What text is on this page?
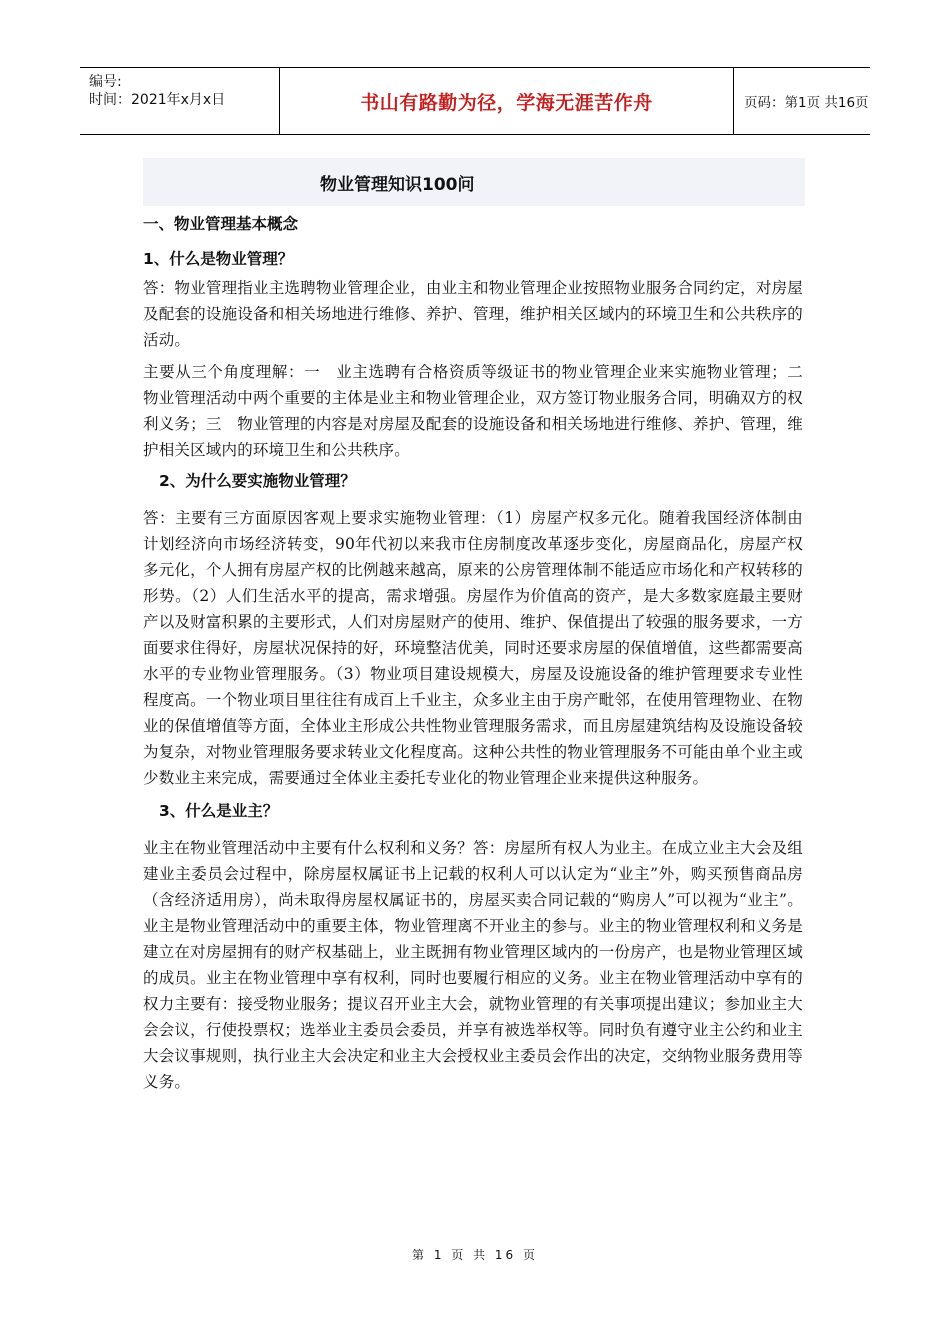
编号:
时间：2021年x月x日	书山有路勤为径，学海无涯苦作舟	页码：第1页 共16页
物业管理知识100问

一、物业管理基本概念

1、什么是物业管理？

答：物业管理指业主选聘物业管理企业，由业主和物业管理企业按照物业服务合同约定，对房屋及配套的设施设备和相关场地进行维修、养护、管理，维护相关区域内的环境卫生和公共秩序的活动。

主要从三个角度理解：一　业主选聘有合格资质等级证书的物业管理企业来实施物业管理；二　物业管理活动中两个重要的主体是业主和物业管理企业，双方签订物业服务合同，明确双方的权利义务；三　物业管理的内容是对房屋及配套的设施设备和相关场地进行维修、养护、管理，维护相关区域内的环境卫生和公共秩序。

2、为什么要实施物业管理？

答：主要有三方面原因客观上要求实施物业管理：（1）房屋产权多元化。随着我国经济体制由计划经济向市场经济转变，90年代初以来我市住房制度改革逐步变化，房屋商品化，房屋产权多元化，个人拥有房屋产权的比例越来越高，原来的公房管理体制不能适应市场化和产权转移的形势。（2）人们生活水平的提高，需求增强。房屋作为价值高的资产，是大多数家庭最主要财产以及财富积累的主要形式，人们对房屋财产的使用、维护、保值提出了较强的服务要求，一方面要求住得好，房屋状况保持的好，环境整洁优美，同时还要求房屋的保值增值，这些都需要高水平的专业物业管理服务。（3）物业项目建设规模大，房屋及设施设备的维护管理要求专业性程度高。一个物业项目里往往有成百上千业主，众多业主由于房产毗邻，在使用管理物业、在物业的保值增值等方面，全体业主形成公共性物业管理服务需求，而且房屋建筑结构及设施设备较为复杂，对物业管理服务要求转业文化程度高。这种公共性的物业管理服务不可能由单个业主或少数业主来完成，需要通过全体业主委托专业化的物业管理企业来提供这种服务。

3、什么是业主？

业主在物业管理活动中主要有什么权利和义务？答：房屋所有权人为业主。在成立业主大会及组建业主委员会过程中，除房屋权属证书上记载的权利人可以认定为“业主”外，购买预售商品房（含经济适用房），尚未取得房屋权属证书的，房屋买卖合同记载的“购房人”可以视为“业主”。业主是物业管理活动中的重要主体，物业管理离不开业主的参与。业主的物业管理权利和义务是建立在对房屋拥有的财产权基础上，业主既拥有物业管理区域内的一份房产，也是物业管理区域的成员。业主在物业管理中享有权利，同时也要履行相应的义务。业主在物业管理活动中享有的权力主要有：接受物业服务；提议召开业主大会，就物业管理的有关事项提出建议；参加业主大会会议，行使投票权；选举业主委员会委员，并享有被选举权等。同时负有遵守业主公约和业主大会议事规则，执行业主大会决定和业主大会授权业主委员会作出的决定，交纳物业服务费用等义务。

第 1 页 共 16 页
